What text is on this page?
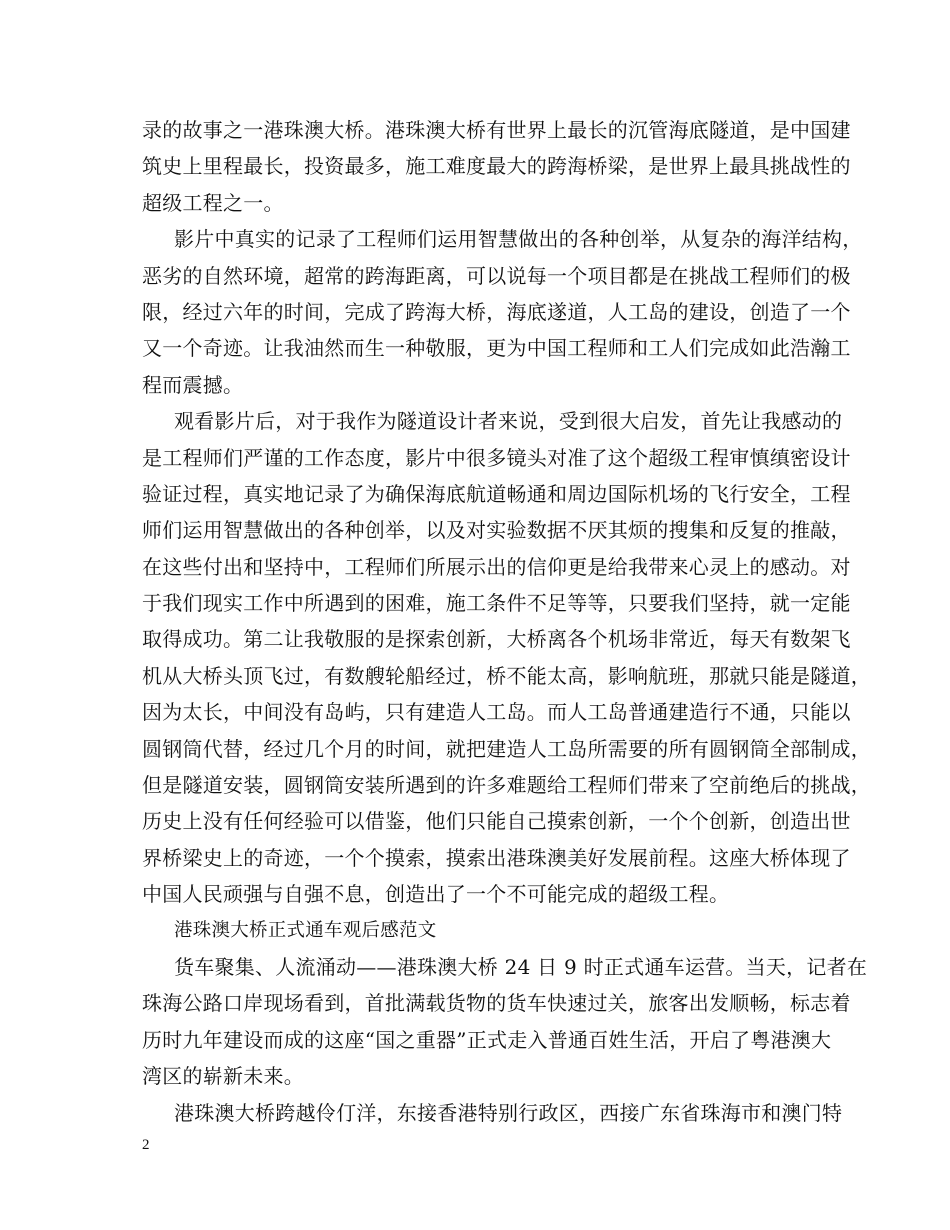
录的故事之一港珠澳大桥。港珠澳大桥有世界上最长的沉管海底隧道，是中国建
筑史上里程最长，投资最多，施工难度最大的跨海桥梁，是世界上最具挑战性的
超级工程之一。
影片中真实的记录了工程师们运用智慧做出的各种创举，从复杂的海洋结构，
恶劣的自然环境，超常的跨海距离，可以说每一个项目都是在挑战工程师们的极
限，经过六年的时间，完成了跨海大桥，海底遂道，人工岛的建设，创造了一个
又一个奇迹。让我油然而生一种敬服，更为中国工程师和工人们完成如此浩瀚工
程而震撼。
观看影片后，对于我作为隧道设计者来说，受到很大启发，首先让我感动的
是工程师们严谨的工作态度，影片中很多镜头对准了这个超级工程审慎缜密设计
验证过程，真实地记录了为确保海底航道畅通和周边国际机场的飞行安全，工程
师们运用智慧做出的各种创举，以及对实验数据不厌其烦的搜集和反复的推敲，
在这些付出和坚持中，工程师们所展示出的信仰更是给我带来心灵上的感动。对
于我们现实工作中所遇到的困难，施工条件不足等等，只要我们坚持，就一定能
取得成功。第二让我敬服的是探索创新，大桥离各个机场非常近，每天有数架飞
机从大桥头顶飞过，有数艘轮船经过，桥不能太高，影响航班，那就只能是隧道，
因为太长，中间没有岛屿，只有建造人工岛。而人工岛普通建造行不通，只能以
圆钢筒代替，经过几个月的时间，就把建造人工岛所需要的所有圆钢筒全部制成，
但是隧道安装，圆钢筒安装所遇到的许多难题给工程师们带来了空前绝后的挑战，
历史上没有任何经验可以借鉴，他们只能自己摸索创新，一个个创新，创造出世
界桥梁史上的奇迹，一个个摸索，摸索出港珠澳美好发展前程。这座大桥体现了
中国人民顽强与自强不息，创造出了一个不可能完成的超级工程。
港珠澳大桥正式通车观后感范文
货车聚集、人流涌动——港珠澳大桥 24 日 9 时正式通车运营。当天，记者在
珠海公路口岸现场看到，首批满载货物的货车快速过关，旅客出发顺畅，标志着
历时九年建设而成的这座“国之重器”正式走入普通百姓生活，开启了粤港澳大
湾区的崭新未来。
港珠澳大桥跨越伶仃洋，东接香港特别行政区，西接广东省珠海市和澳门特
2
